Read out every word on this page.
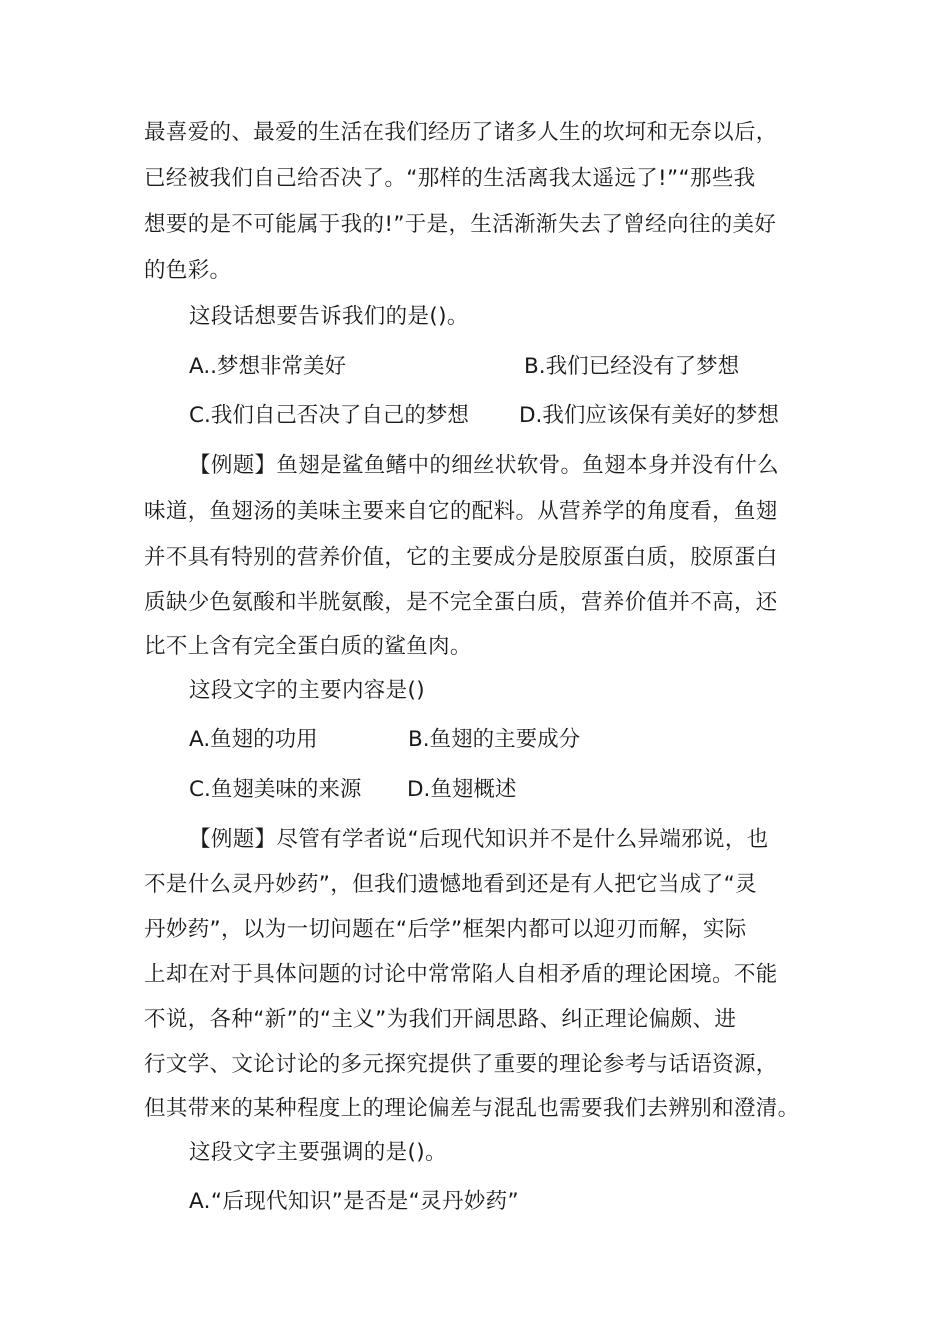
最喜爱的、最爱的生活在我们经历了诸多人生的坎坷和无奈以后，
已经被我们自己给否决了。“那样的生活离我太遥远了!”“那些我
想要的是不可能属于我的!”于是，生活渐渐失去了曾经向往的美好
的色彩。
这段话想要告诉我们的是()。
A..梦想非常美好	B.我们已经没有了梦想
C.我们自己否决了自己的梦想 D.我们应该保有美好的梦想
【例题】鱼翅是鲨鱼鳍中的细丝状软骨。鱼翅本身并没有什么
味道，鱼翅汤的美味主要来自它的配料。从营养学的角度看，鱼翅
并不具有特别的营养价值，它的主要成分是胶原蛋白质，胶原蛋白
质缺少色氨酸和半胱氨酸，是不完全蛋白质，营养价值并不高，还
比不上含有完全蛋白质的鲨鱼肉。
这段文字的主要内容是()
A.鱼翅的功用	B.鱼翅的主要成分
C.鱼翅美味的来源 D.鱼翅概述
【例题】尽管有学者说“后现代知识并不是什么异端邪说，也
不是什么灵丹妙药”，但我们遗憾地看到还是有人把它当成了“灵
丹妙药”，以为一切问题在“后学”框架内都可以迎刃而解，实际
上却在对于具体问题的讨论中常常陷人自相矛盾的理论困境。不能
不说，各种“新”的“主义”为我们开阔思路、纠正理论偏颇、进
行文学、文论讨论的多元探究提供了重要的理论参考与话语资源，
但其带来的某种程度上的理论偏差与混乱也需要我们去辨别和澄清。
这段文字主要强调的是()。
A.“后现代知识”是否是“灵丹妙药”
